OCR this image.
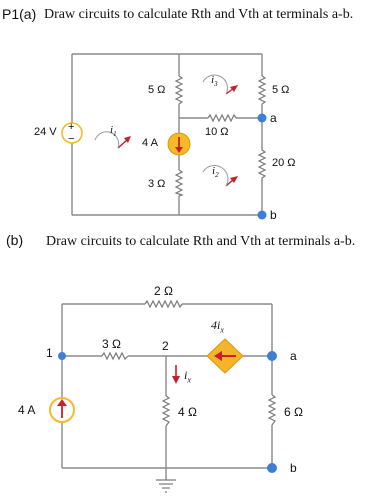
P1(a) Draw circuits to calculate Rth and Vth at terminals a-b.
(b) Draw circuits to calculate Rth and Vth at terminals a-b.
24 V +
−
5 Ω	5 Ω
10 Ω
20 Ω
3 Ω
4 A
$i_1$
$i_3$
$i_2$
a
b
2 Ω
3 Ω
4 Ω	6 Ω
4 A
1	2
$4i_x$
$i_x$
a
b
